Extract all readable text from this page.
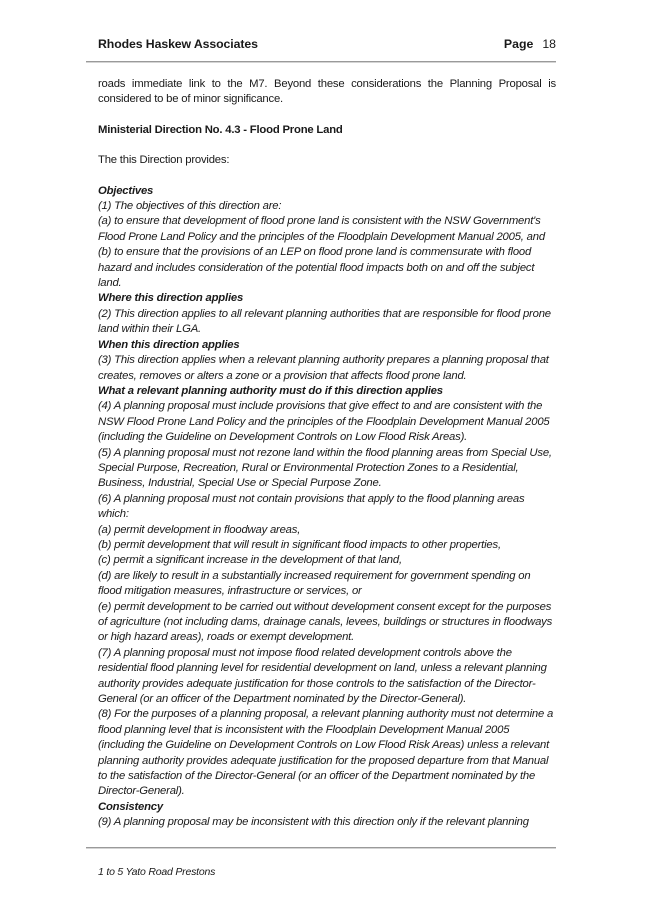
Rhodes Haskew Associates	Page 18

roads immediate link to the M7. Beyond these considerations the Planning Proposal is considered to be of minor significance.

Ministerial Direction No. 4.3 - Flood Prone Land

The this Direction provides:

Objectives

(1) The objectives of this direction are:

(a) to ensure that development of flood prone land is consistent with the NSW Government's Flood Prone Land Policy and the principles of the Floodplain Development Manual 2005, and

(b) to ensure that the provisions of an LEP on flood prone land is commensurate with flood hazard and includes consideration of the potential flood impacts both on and off the subject land.

Where this direction applies

(2) This direction applies to all relevant planning authorities that are responsible for flood prone land within their LGA.

When this direction applies

(3) This direction applies when a relevant planning authority prepares a planning proposal that creates, removes or alters a zone or a provision that affects flood prone land.

What a relevant planning authority must do if this direction applies

(4) A planning proposal must include provisions that give effect to and are consistent with the NSW Flood Prone Land Policy and the principles of the Floodplain Development Manual 2005 (including the Guideline on Development Controls on Low Flood Risk Areas).

(5) A planning proposal must not rezone land within the flood planning areas from Special Use, Special Purpose, Recreation, Rural or Environmental Protection Zones to a Residential, Business, Industrial, Special Use or Special Purpose Zone.

(6) A planning proposal must not contain provisions that apply to the flood planning areas which:

(a) permit development in floodway areas,

(b) permit development that will result in significant flood impacts to other properties,

(c) permit a significant increase in the development of that land,

(d) are likely to result in a substantially increased requirement for government spending on flood mitigation measures, infrastructure or services, or

(e) permit development to be carried out without development consent except for the purposes of agriculture (not including dams, drainage canals, levees, buildings or structures in floodways or high hazard areas), roads or exempt development.

(7) A planning proposal must not impose flood related development controls above the residential flood planning level for residential development on land, unless a relevant planning authority provides adequate justification for those controls to the satisfaction of the Director-General (or an officer of the Department nominated by the Director-General).

(8) For the purposes of a planning proposal, a relevant planning authority must not determine a flood planning level that is inconsistent with the Floodplain Development Manual 2005 (including the Guideline on Development Controls on Low Flood Risk Areas) unless a relevant planning authority provides adequate justification for the proposed departure from that Manual to the satisfaction of the Director-General (or an officer of the Department nominated by the Director-General).

Consistency

(9) A planning proposal may be inconsistent with this direction only if the relevant planning

1 to 5 Yato Road Prestons
